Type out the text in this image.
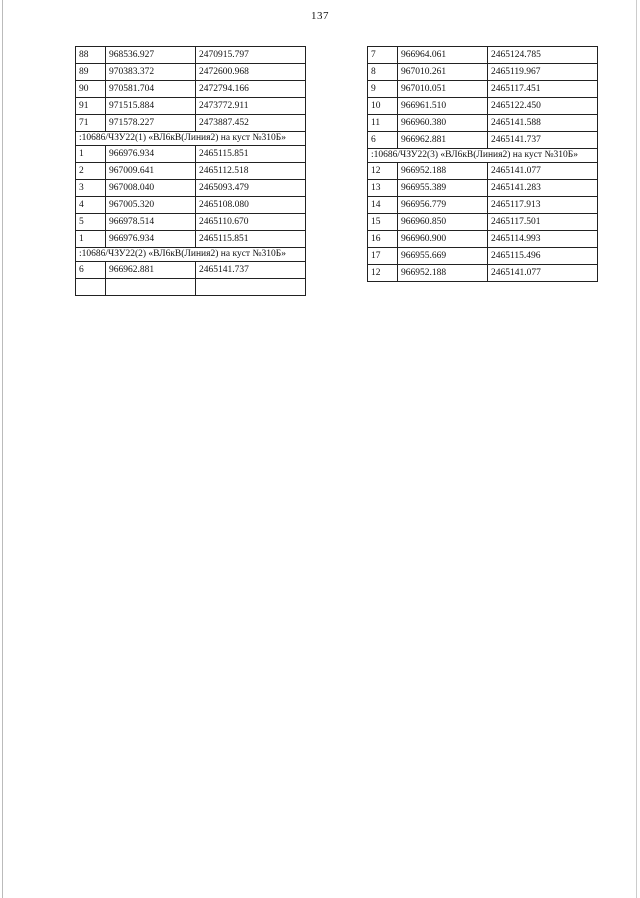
137
88	968536.927	2470915.797
89	970383.372	2472600.968
90	970581.704	2472794.166
91	971515.884	2473772.911
71	971578.227	2473887.452
:10686/ЧЗУ22(1) «ВЛ6кВ(Линия2) на куст №310Б»		
1	966976.934	2465115.851
2	967009.641	2465112.518
3	967008.040	2465093.479
4	967005.320	2465108.080
5	966978.514	2465110.670
1	966976.934	2465115.851
:10686/ЧЗУ22(2) «ВЛ6кВ(Линия2) на куст №310Б»		
6	966962.881	2465141.737

7	966964.061	2465124.785
8	967010.261	2465119.967
9	967010.051	2465117.451
10	966961.510	2465122.450
11	966960.380	2465141.588
6	966962.881	2465141.737
:10686/ЧЗУ22(3) «ВЛ6кВ(Линия2) на куст №310Б»		
12	966952.188	2465141.077
13	966955.389	2465141.283
14	966956.779	2465117.913
15	966960.850	2465117.501
16	966960.900	2465114.993
17	966955.669	2465115.496
12	966952.188	2465141.077
